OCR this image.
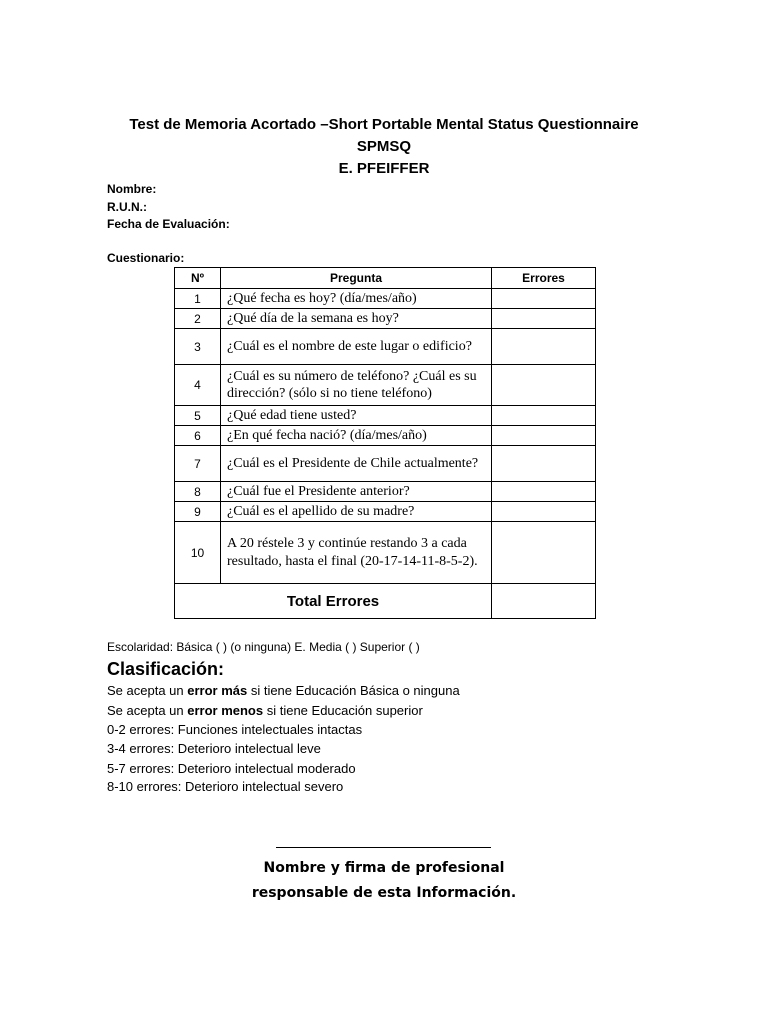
Test de Memoria Acortado –Short Portable Mental Status Questionnaire
SPMSQ
E. PFEIFFER
Nombre:
R.U.N.:
Fecha de Evaluación:
Cuestionario:
Nº	Pregunta	Errores
1	¿Qué fecha es hoy? (día/mes/año)	
2	¿Qué día de la semana es hoy?	
3	¿Cuál es el nombre de este lugar o edificio?	
4	¿Cuál es su número de teléfono? ¿Cuál es su dirección? (sólo si no tiene teléfono)	
5	¿Qué edad tiene usted?	
6	¿En qué fecha nació? (día/mes/año)	
7	¿Cuál es el Presidente de Chile actualmente?	
8	¿Cuál fue el Presidente anterior?	
9	¿Cuál es el apellido de su madre?	
10	A 20 réstele 3 y continúe restando 3 a cada resultado, hasta el final (20-17-14-11-8-5-2).	
Total Errores		
Escolaridad: Básica ( ) (o ninguna) E. Media ( ) Superior ( )
Clasificación:
Se acepta un error más si tiene Educación Básica o ninguna
Se acepta un error menos si tiene Educación superior
0-2 errores: Funciones intelectuales intactas
3-4 errores: Deterioro intelectual leve
5-7 errores: Deterioro intelectual moderado
8-10 errores: Deterioro intelectual severo
Nombre y firma de profesional
responsable de esta Información.
